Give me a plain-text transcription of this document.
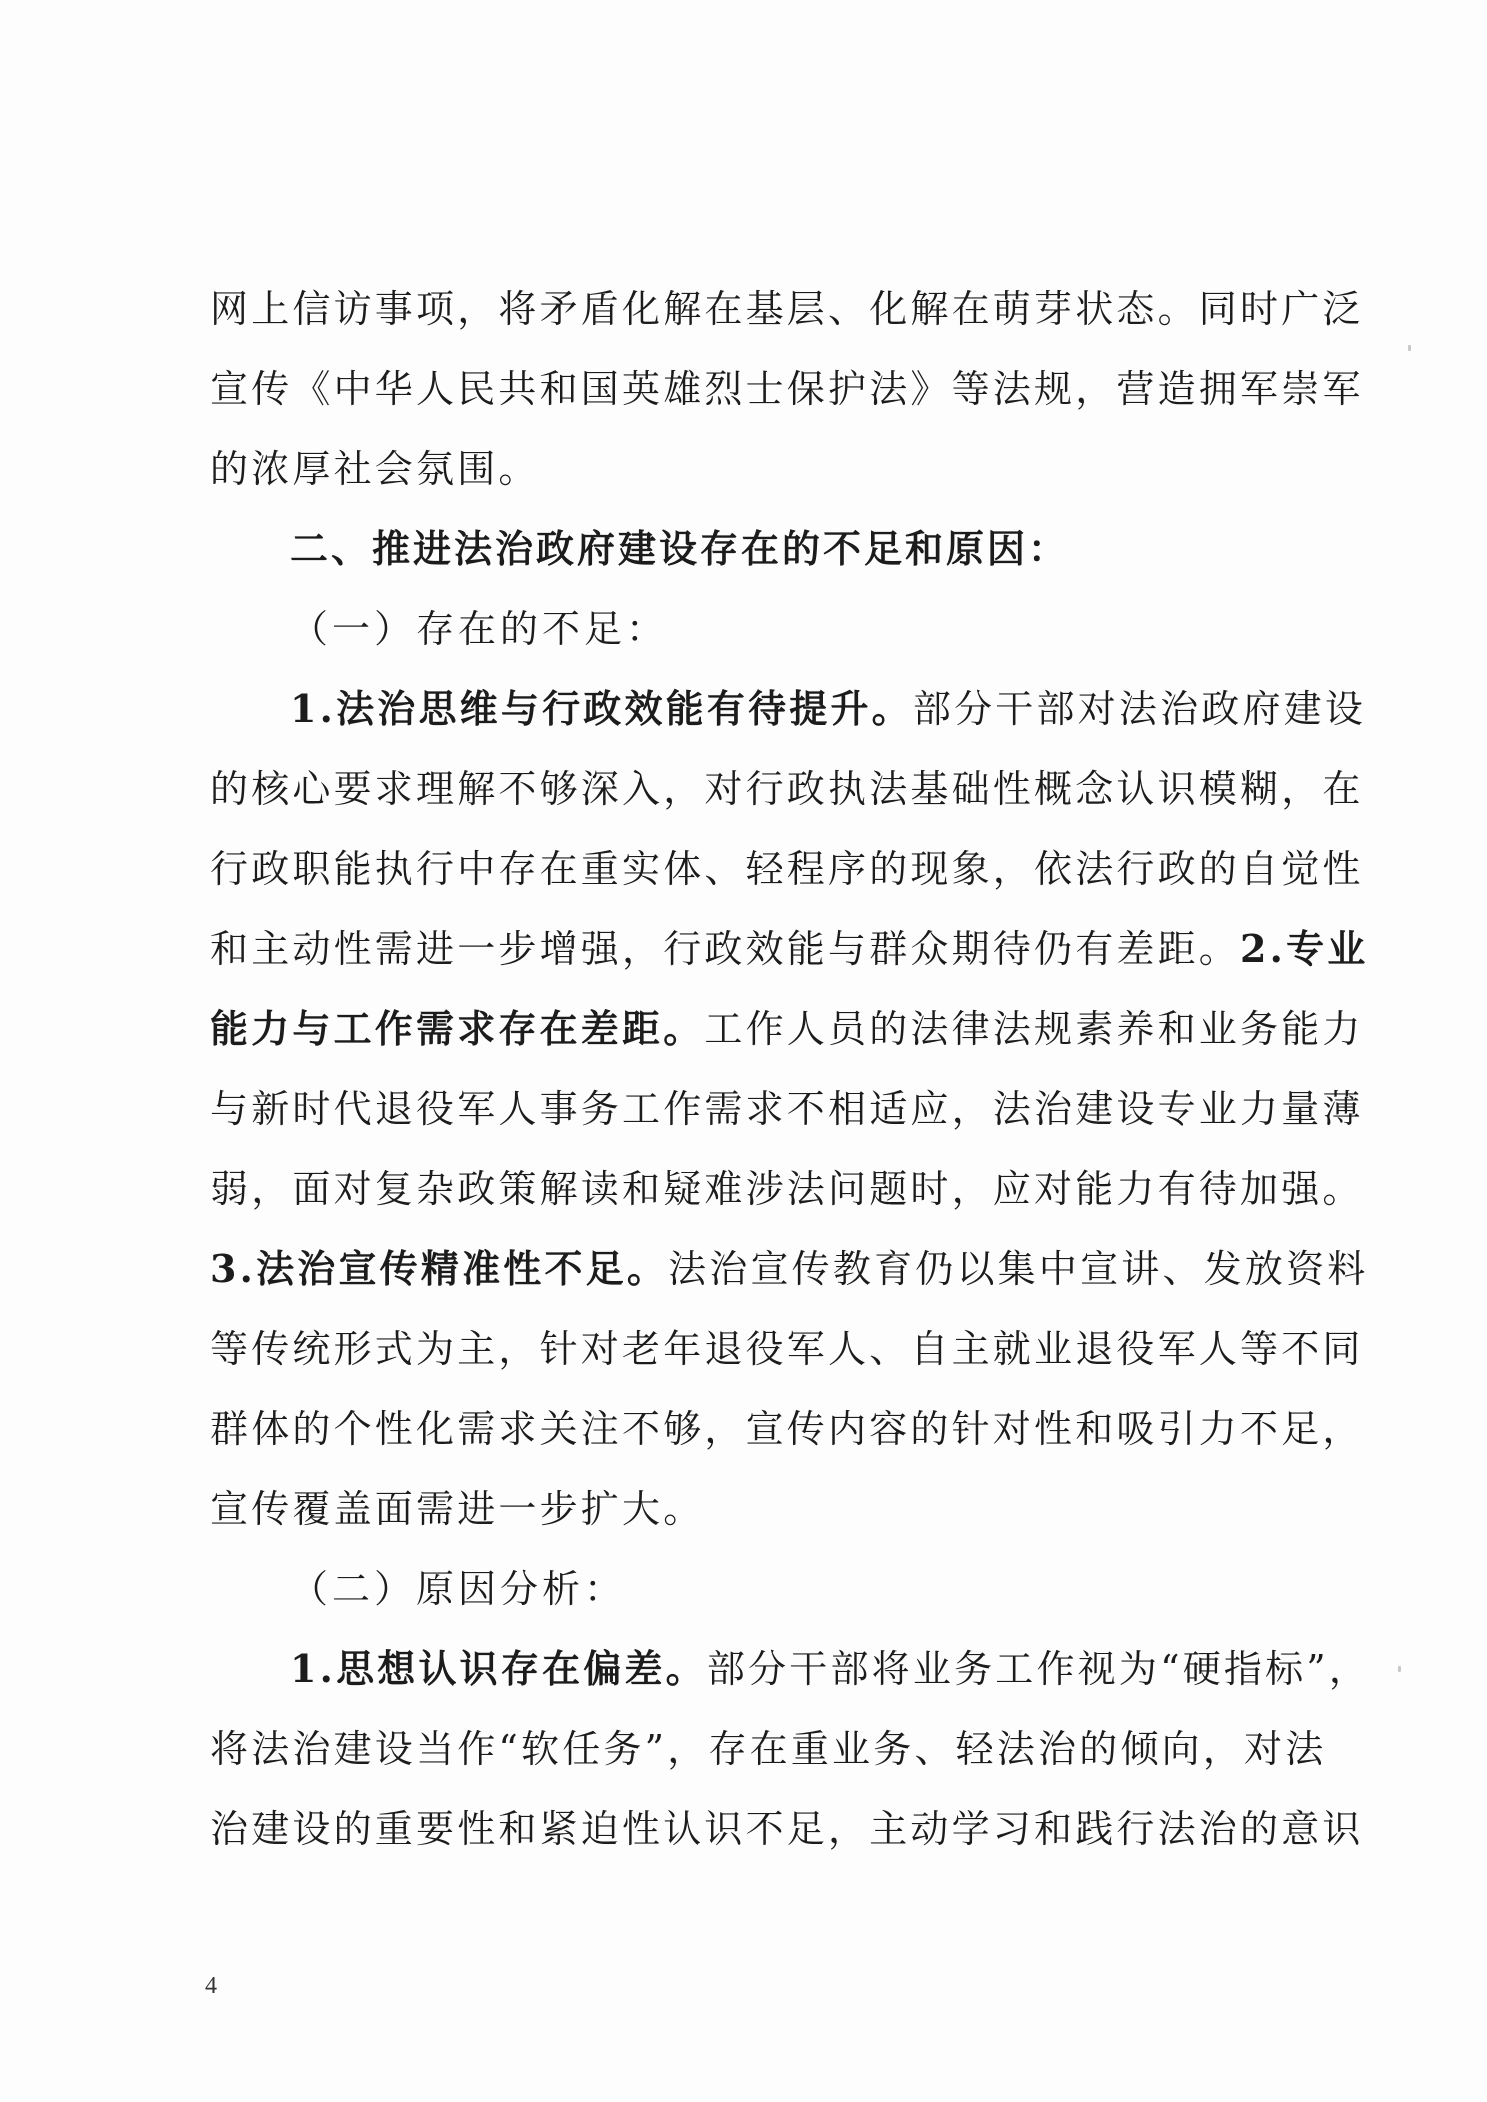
网上信访事项，将矛盾化解在基层、化解在萌芽状态。同时广泛
宣传《中华人民共和国英雄烈士保护法》等法规，营造拥军崇军
的浓厚社会氛围。
二、推进法治政府建设存在的不足和原因：
（一）存在的不足：
1.法治思维与行政效能有待提升。部分干部对法治政府建设
的核心要求理解不够深入，对行政执法基础性概念认识模糊，在
行政职能执行中存在重实体、轻程序的现象，依法行政的自觉性
和主动性需进一步增强，行政效能与群众期待仍有差距。2.专业
能力与工作需求存在差距。工作人员的法律法规素养和业务能力
与新时代退役军人事务工作需求不相适应，法治建设专业力量薄
弱，面对复杂政策解读和疑难涉法问题时，应对能力有待加强。
3.法治宣传精准性不足。法治宣传教育仍以集中宣讲、发放资料
等传统形式为主，针对老年退役军人、自主就业退役军人等不同
群体的个性化需求关注不够，宣传内容的针对性和吸引力不足，
宣传覆盖面需进一步扩大。
（二）原因分析：
1.思想认识存在偏差。部分干部将业务工作视为“硬指标”，
将法治建设当作“软任务”，存在重业务、轻法治的倾向，对法
治建设的重要性和紧迫性认识不足，主动学习和践行法治的意识
4
